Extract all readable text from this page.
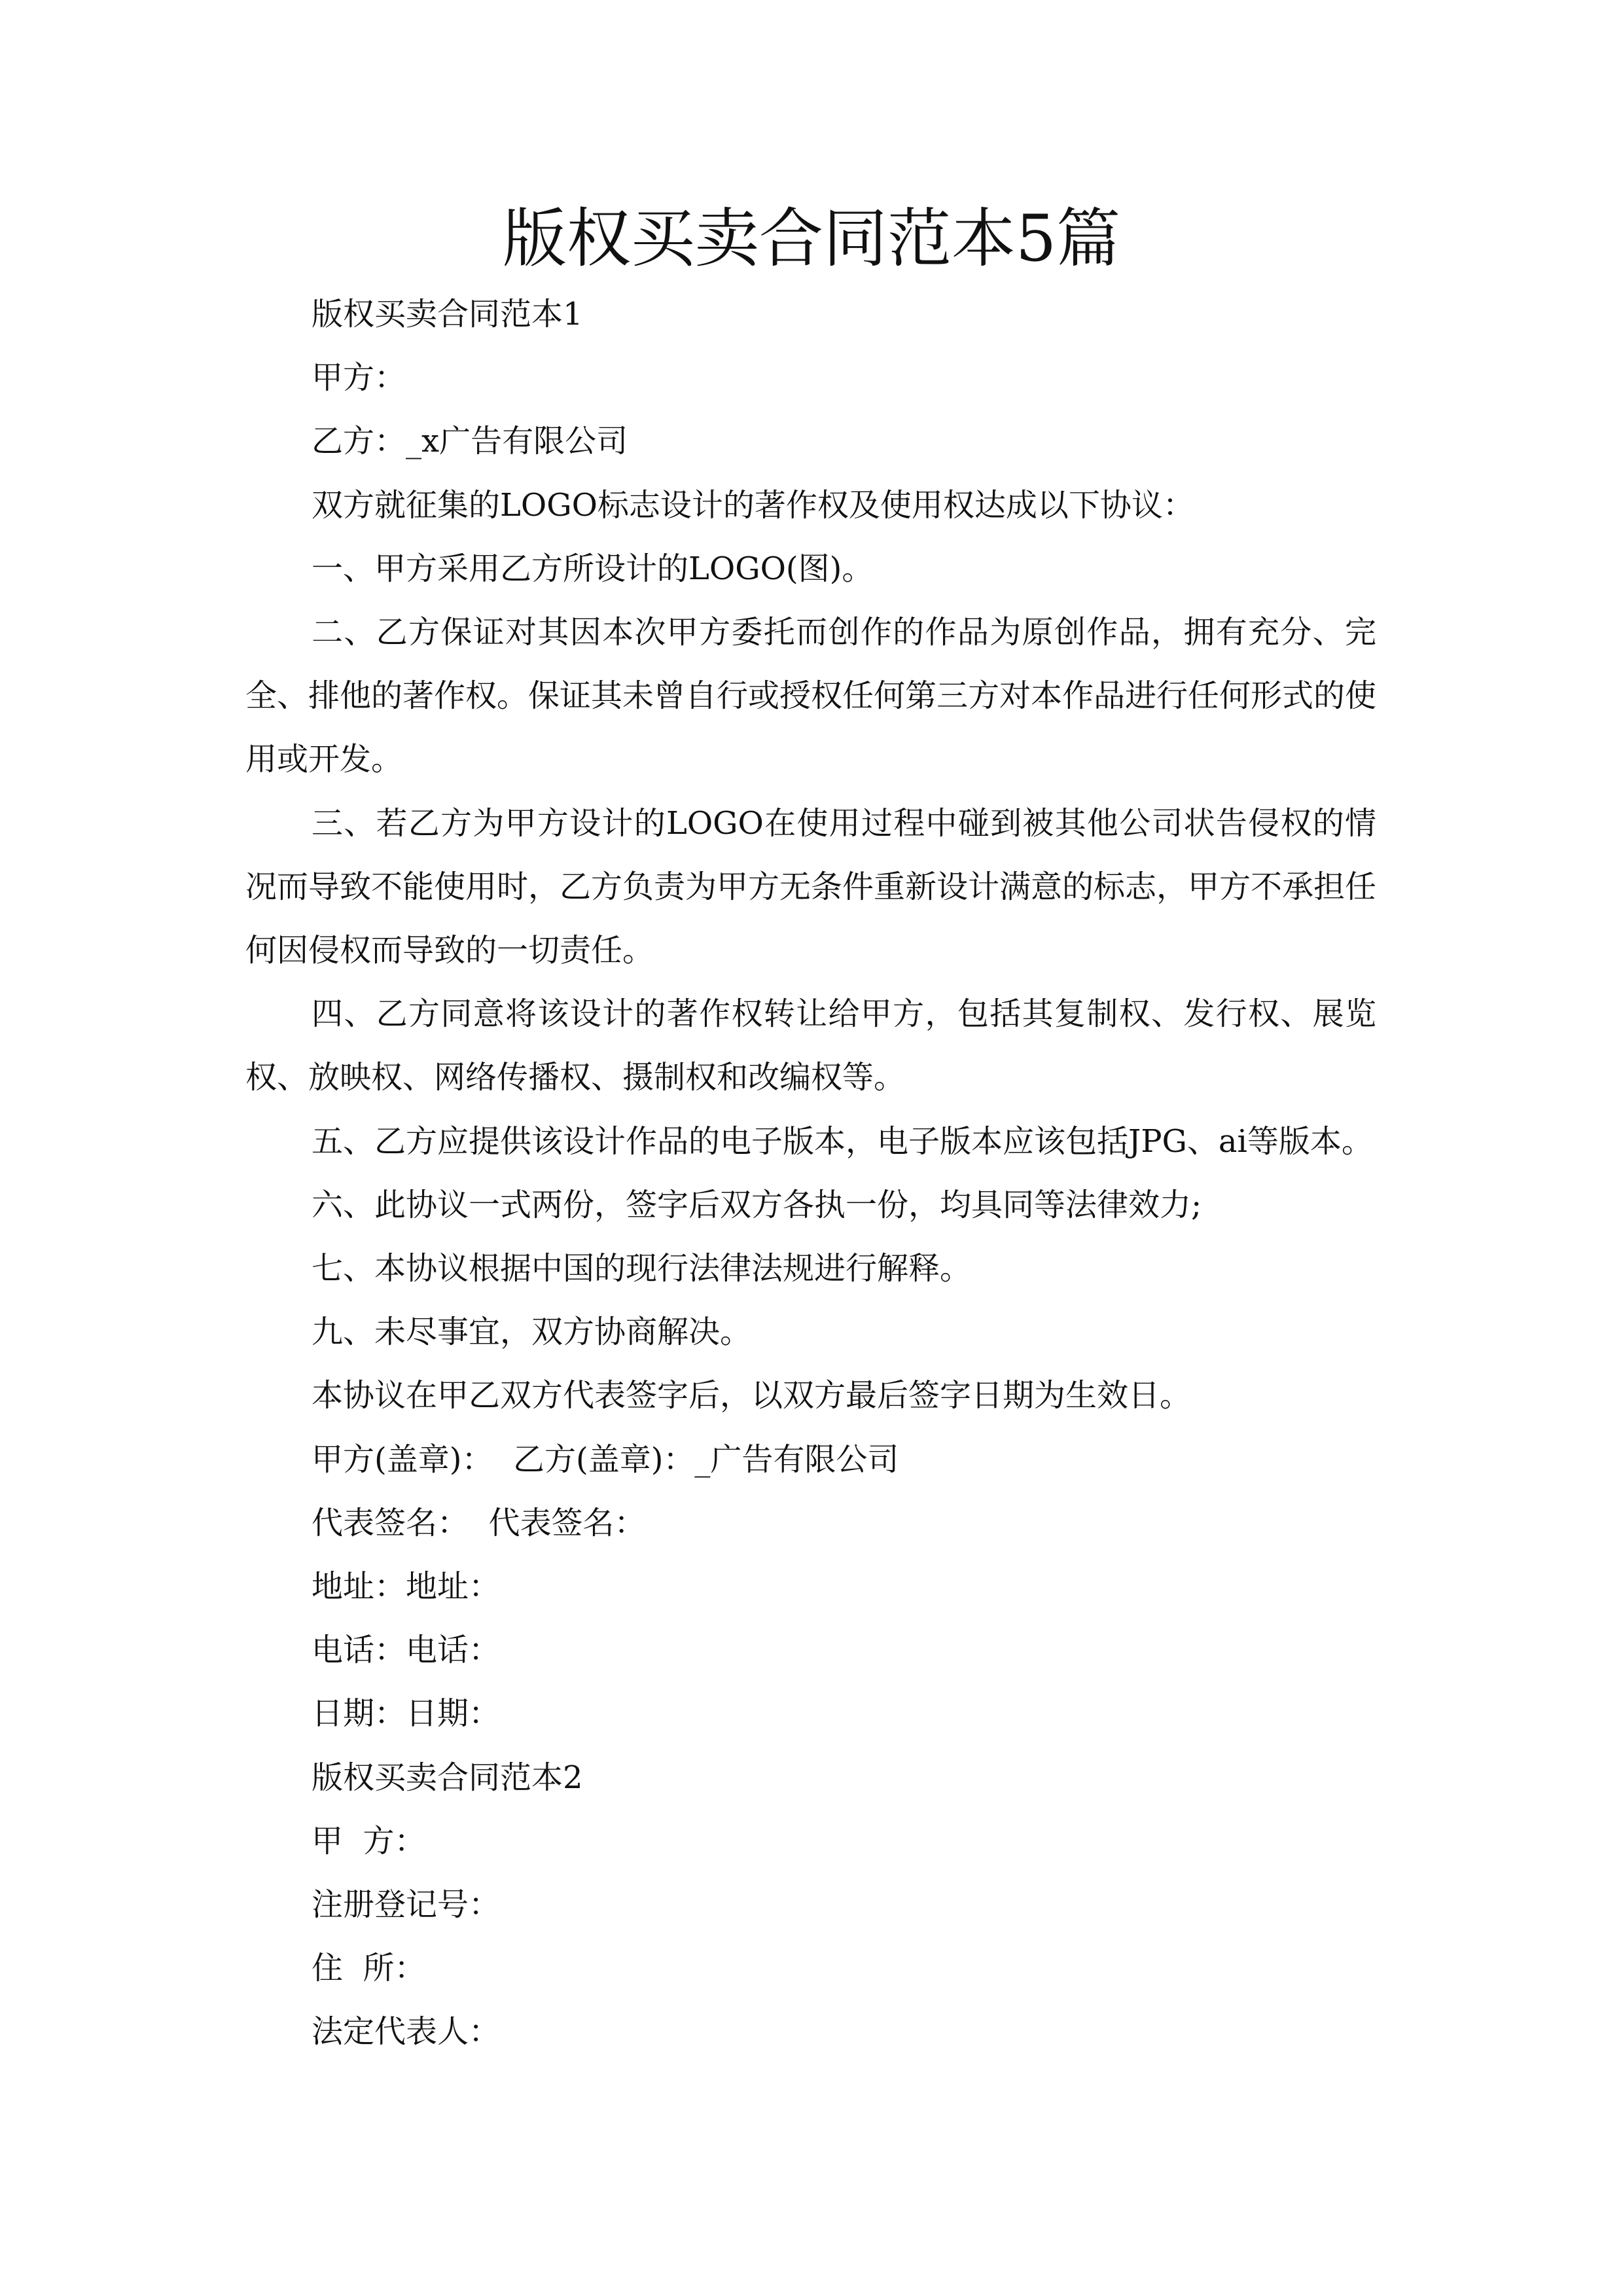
版权买卖合同范本5篇

版权买卖合同范本1

甲方：

乙方：_x广告有限公司

双方就征集的LOGO标志设计的著作权及使用权达成以下协议：

一、甲方采用乙方所设计的LOGO(图)。

二、乙方保证对其因本次甲方委托而创作的作品为原创作品，拥有充分、完全、排他的著作权。保证其未曾自行或授权任何第三方对本作品进行任何形式的使用或开发。

三、若乙方为甲方设计的LOGO在使用过程中碰到被其他公司状告侵权的情况而导致不能使用时，乙方负责为甲方无条件重新设计满意的标志，甲方不承担任何因侵权而导致的一切责任。

四、乙方同意将该设计的著作权转让给甲方，包括其复制权、发行权、展览权、放映权、网络传播权、摄制权和改编权等。

五、乙方应提供该设计作品的电子版本，电子版本应该包括JPG、ai等版本。

六、此协议一式两份，签字后双方各执一份，均具同等法律效力;

七、本协议根据中国的现行法律法规进行解释。

九、未尽事宜，双方协商解决。

本协议在甲乙双方代表签字后，以双方最后签字日期为生效日。

甲方(盖章)：  乙方(盖章)：_广告有限公司

代表签名：  代表签名：

地址：地址：

电话：电话：

日期：日期：

版权买卖合同范本2

甲  方：

注册登记号：

住  所：

法定代表人：
